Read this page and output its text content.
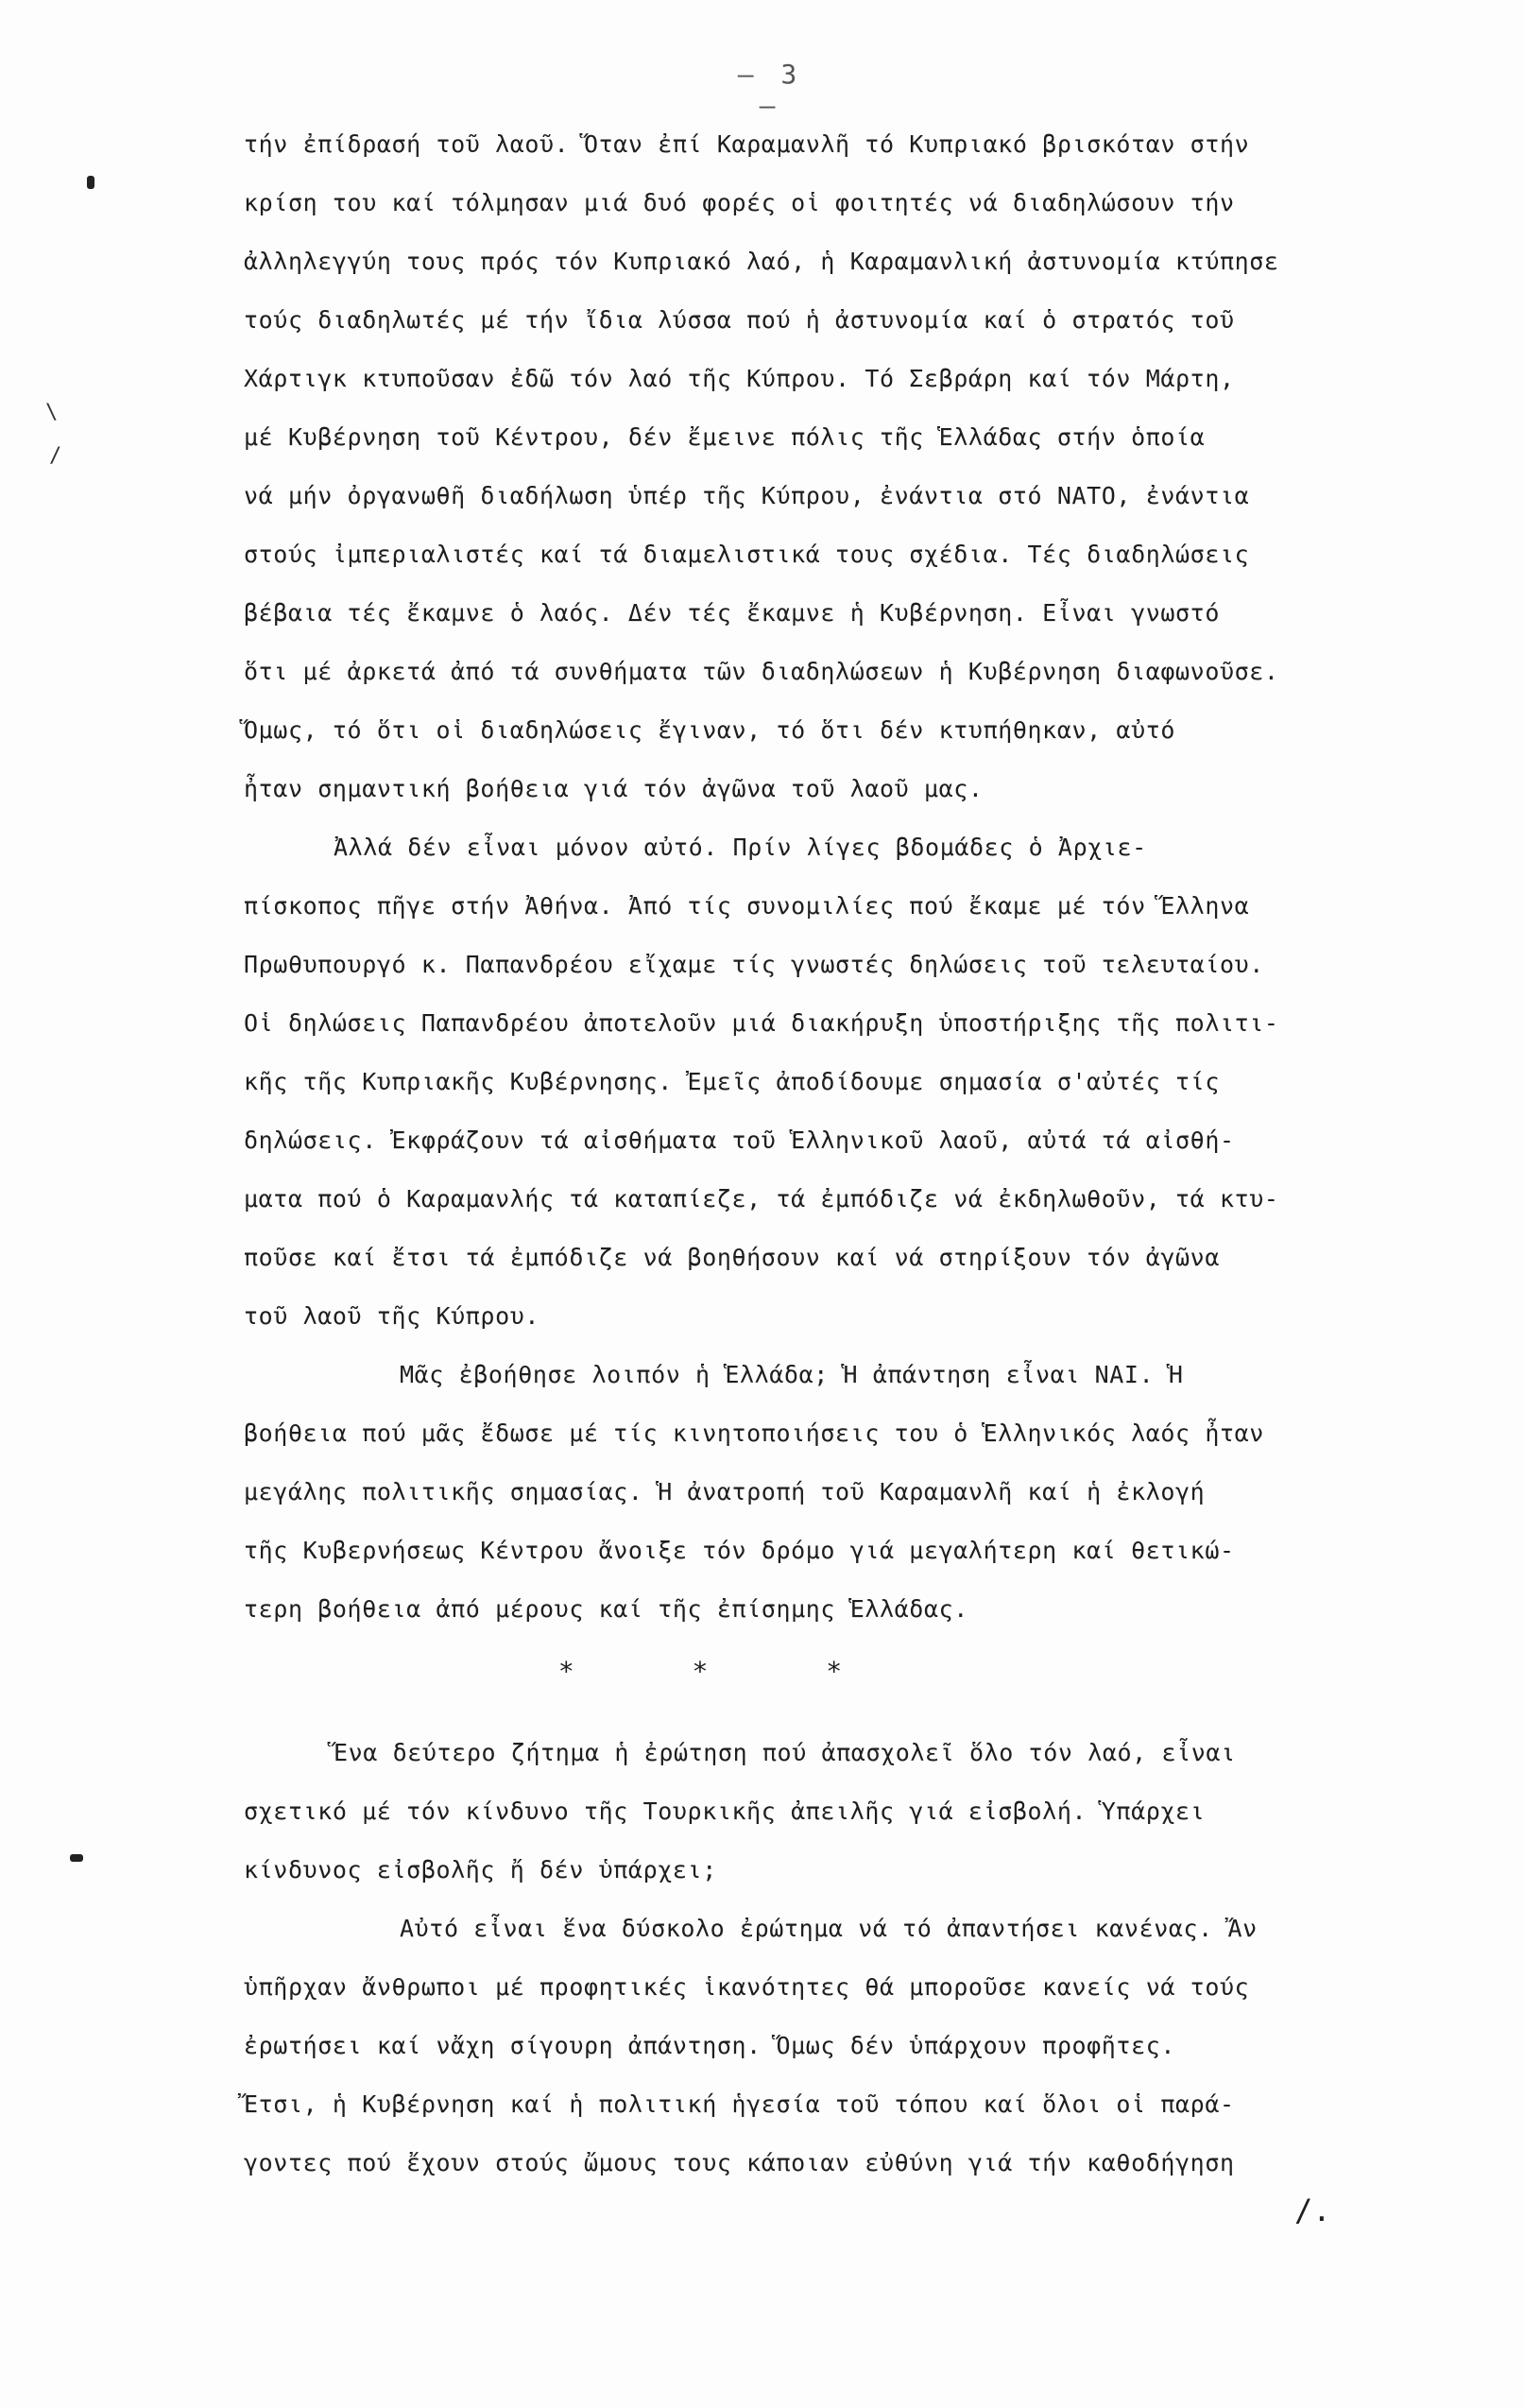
– 3 –
\
/
τήν ἐπίδρασή τοῦ λαοῦ. Ὅταν ἐπί Καραμανλῆ τό Κυπριακό βρισκόταν στήν
κρίση του καί τόλμησαν μιά δυό φορές οἱ φοιτητές νά διαδηλώσουν τήν
ἀλληλεγγύη τους πρός τόν Κυπριακό λαό, ἡ Καραμανλική ἀστυνομία κτύπησε
τούς διαδηλωτές μέ τήν ἴδια λύσσα πού ἡ ἀστυνομία καί ὁ στρατός τοῦ
Χάρτιγκ κτυποῦσαν ἐδῶ τόν λαό τῆς Κύπρου. Τό Σεβράρη καί τόν Μάρτη,
μέ Κυβέρνηση τοῦ Κέντρου, δέν ἔμεινε πόλις τῆς Ἑλλάδας στήν ὁποία
νά μήν ὀργανωθῆ διαδήλωση ὑπέρ τῆς Κύπρου, ἐνάντια στό ΝΑΤΟ, ἐνάντια
στούς ἰμπεριαλιστές καί τά διαμελιστικά τους σχέδια. Τές διαδηλώσεις
βέβαια τές ἔκαμνε ὁ λαός. Δέν τές ἔκαμνε ἡ Κυβέρνηση. Εἶναι γνωστό
ὅτι μέ ἀρκετά ἀπό τά συνθήματα τῶν διαδηλώσεων ἡ Κυβέρνηση διαφωνοῦσε.
Ὅμως, τό ὅτι οἱ διαδηλώσεις ἔγιναν, τό ὅτι δέν κτυπήθηκαν, αὐτό
ἦταν σημαντική βοήθεια γιά τόν ἀγῶνα τοῦ λαοῦ μας.
Ἀλλά δέν εἶναι μόνον αὐτό. Πρίν λίγες βδομάδες ὁ Ἀρχιε-
πίσκοπος πῆγε στήν Ἀθήνα. Ἀπό τίς συνομιλίες πού ἔκαμε μέ τόν Ἕλληνα
Πρωθυπουργό κ. Παπανδρέου εἴχαμε τίς γνωστές δηλώσεις τοῦ τελευταίου.
Οἱ δηλώσεις Παπανδρέου ἀποτελοῦν μιά διακήρυξη ὑποστήριξης τῆς πολιτι-
κῆς τῆς Κυπριακῆς Κυβέρνησης. Ἐμεῖς ἀποδίδουμε σημασία σ'αὐτές τίς
δηλώσεις. Ἐκφράζουν τά αἰσθήματα τοῦ Ἑλληνικοῦ λαοῦ, αὐτά τά αἰσθή-
ματα πού ὁ Καραμανλής τά καταπίεζε, τά ἐμπόδιζε νά ἐκδηλωθοῦν, τά κτυ-
ποῦσε καί ἔτσι τά ἐμπόδιζε νά βοηθήσουν καί νά στηρίξουν τόν ἀγῶνα
τοῦ λαοῦ τῆς Κύπρου.
Μᾶς ἐβοήθησε λοιπόν ἡ Ἑλλάδα; Ἡ ἀπάντηση εἶναι ΝΑΙ. Ἡ
βοήθεια πού μᾶς ἔδωσε μέ τίς κινητοποιήσεις του ὁ Ἑλληνικός λαός ἦταν
μεγάλης πολιτικῆς σημασίας. Ἡ ἀνατροπή τοῦ Καραμανλῆ καί ἡ ἐκλογή
τῆς Κυβερνήσεως Κέντρου ἄνοιξε τόν δρόμο γιά μεγαλήτερη καί θετικώ-
τερη βοήθεια ἀπό μέρους καί τῆς ἐπίσημης Ἑλλάδας.
* * *
Ἕνα δεύτερο ζήτημα ἡ ἐρώτηση πού ἀπασχολεῖ ὅλο τόν λαό, εἶναι
σχετικό μέ τόν κίνδυνο τῆς Τουρκικῆς ἀπειλῆς γιά εἰσβολή. Ὑπάρχει
κίνδυνος εἰσβολῆς ἤ δέν ὑπάρχει;
Αὐτό εἶναι ἕνα δύσκολο ἐρώτημα νά τό ἀπαντήσει κανένας. Ἄν
ὑπῆρχαν ἄνθρωποι μέ προφητικές ἱκανότητες θά μποροῦσε κανείς νά τούς
ἐρωτήσει καί νἄχη σίγουρη ἀπάντηση. Ὅμως δέν ὑπάρχουν προφῆτες.
Ἔτσι, ἡ Κυβέρνηση καί ἡ πολιτική ἡγεσία τοῦ τόπου καί ὅλοι οἱ παρά-
γοντες πού ἔχουν στούς ὤμους τους κάποιαν εὐθύνη γιά τήν καθοδήγηση
/.
